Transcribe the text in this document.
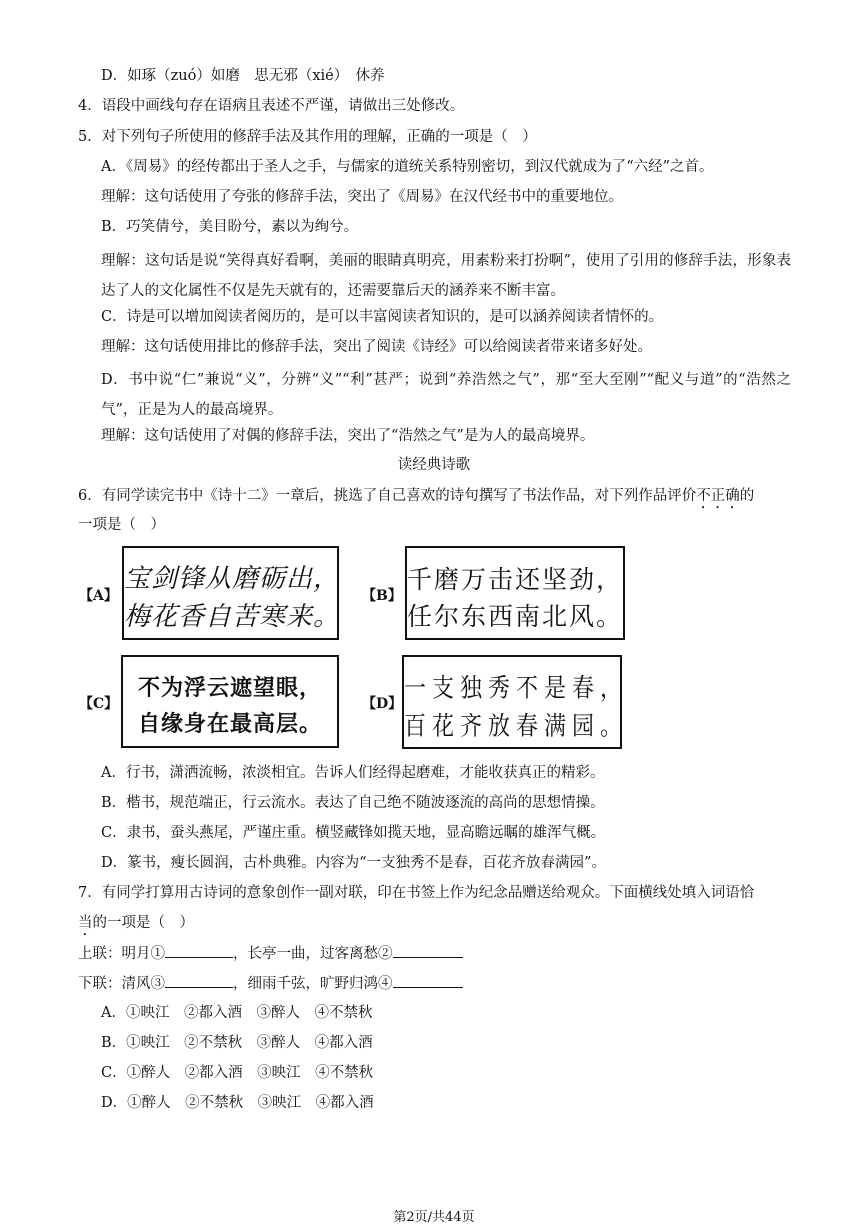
D．如琢（zuó）如磨　思无邪（xié）　休养
4．语段中画线句存在语病且表述不严谨，请做出三处修改。
5．对下列句子所使用的修辞手法及其作用的理解，正确的一项是（　）
A．《周易》的经传都出于圣人之手，与儒家的道统关系特别密切，到汉代就成为了“六经”之首。
理解：这句话使用了夸张的修辞手法，突出了《周易》在汉代经书中的重要地位。
B．巧笑倩兮，美目盼兮，素以为绚兮。
理解：这句话是说“笑得真好看啊，美丽的眼睛真明亮，用素粉来打扮啊”，使用了引用的修辞手法，形象表达了人的文化属性不仅是先天就有的，还需要靠后天的涵养来不断丰富。
C．诗是可以增加阅读者阅历的，是可以丰富阅读者知识的，是可以涵养阅读者情怀的。
理解：这句话使用排比的修辞手法，突出了阅读《诗经》可以给阅读者带来诸多好处。
D．书中说“仁”兼说“义”，分辨“义”“利”甚严；说到“养浩然之气”，那“至大至刚”“配义与道”的“浩然之气”，正是为人的最高境界。
理解：这句话使用了对偶的修辞手法，突出了“浩然之气”是为人的最高境界。
读经典诗歌
6．有同学读完书中《诗十二》一章后，挑选了自己喜欢的诗句撰写了书法作品，对下列作品评价不正确的
一项是（　）
【A】
宝剑锋从磨砺出，
梅花香自苦寒来。
【B】
千磨万击还坚劲，
任尔东西南北风。
【C】
不为浮云遮望眼，
自缘身在最高层。
【D】
一支独秀不是春，
百花齐放春满园。
A．行书，潇洒流畅，浓淡相宜。告诉人们经得起磨难，才能收获真正的精彩。
B．楷书，规范端正，行云流水。表达了自己绝不随波逐流的高尚的思想情操。
C．隶书，蚕头燕尾，严谨庄重。横竖藏锋如揽天地，显高瞻远瞩的雄浑气概。
D．篆书，瘦长圆润，古朴典雅。内容为“一支独秀不是春，百花齐放春满园”。
7．有同学打算用古诗词的意象创作一副对联，印在书签上作为纪念品赠送给观众。下面横线处填入词语恰
当的一项是（　）
上联：明月①	，长亭一曲，过客离愁②
下联：清风③	，细雨千弦，旷野归鸿④
A．①映江　②都入酒　③醉人　④不禁秋
B．①映江　②不禁秋　③醉人　④都入酒
C．①醉人　②都入酒　③映江　④不禁秋
D．①醉人　②不禁秋　③映江　④都入酒
第2页/共44页
